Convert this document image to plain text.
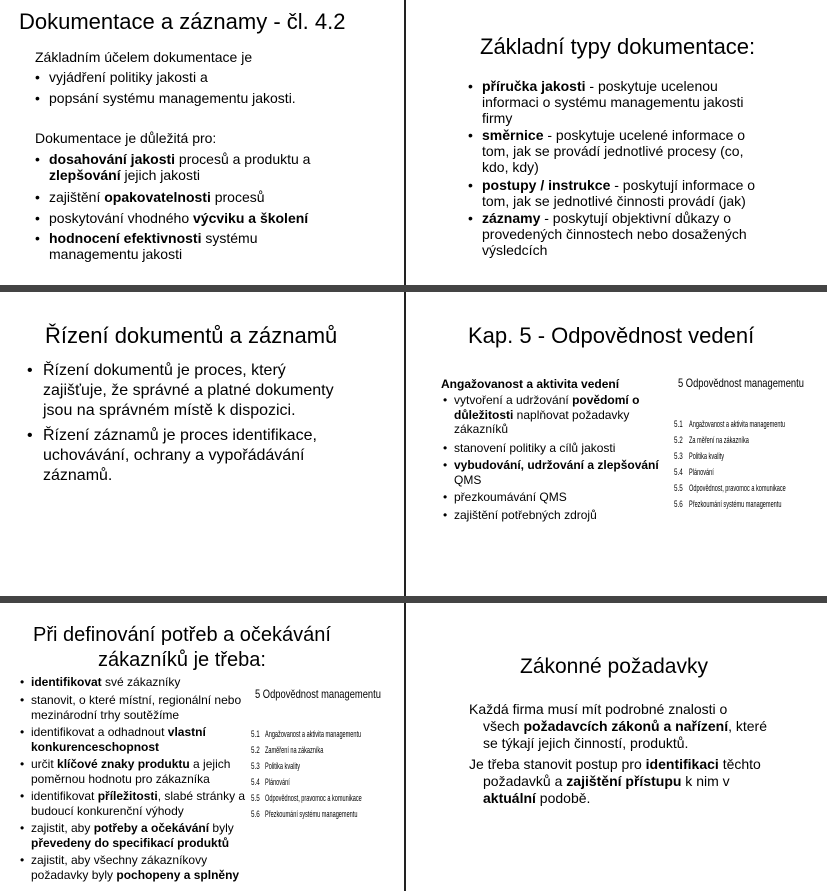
Dokumentace a záznamy - čl. 4.2
Základním účelem dokumentace je
• vyjádření politiky jakosti a
• popsání systému managementu jakosti.
Dokumentace je důležitá pro:
• dosahování jakosti procesů a produktu a
zlepšování jejich jakosti
• zajištění opakovatelnosti procesů
• poskytování vhodného výcviku a školení
• hodnocení efektivnosti systému
managementu jakosti
Základní typy dokumentace:
• příručka jakosti - poskytuje ucelenou
informaci o systému managementu jakosti
firmy
• směrnice - poskytuje ucelené informace o
tom, jak se provádí jednotlivé procesy (co,
kdo, kdy)
• postupy / instrukce - poskytují informace o
tom, jak se jednotlivé činnosti provádí (jak)
• záznamy - poskytují objektivní důkazy o
provedených činnostech nebo dosažených
výsledcích
Řízení dokumentů a záznamů
• Řízení dokumentů je proces, který
zajišťuje, že správné a platné dokumenty
jsou na správném místě k dispozici.
• Řízení záznamů je proces identifikace,
uchovávání, ochrany a vypořádávání
záznamů.
Kap. 5 - Odpovědnost vedení
Angažovanost a aktivita vedení
• vytvoření a udržování povědomí o
důležitosti naplňovat požadavky
zákazníků
• stanovení politiky a cílů jakosti
• vybudování, udržování a zlepšování
QMS
• přezkoumávání QMS
• zajištění potřebných zdrojů
5 Odpovědnost managementu
5.1 Angažovanost a aktivita managementu
5.2 Za měření na zákazníka
5.3 Politika kvality
5.4 Plánování
5.5 Odpovědnost, pravomoc a komunikace
5.6 Přezkoumání systému managementu
Při definování potřeb a očekávání
zákazníků je třeba:
• identifikovat své zákazníky
• stanovit, o které místní, regionální nebo
mezinárodní trhy soutěžíme
• identifikovat a odhadnout vlastní
konkurenceschopnost
• určit klíčové znaky produktu a jejich
poměrnou hodnotu pro zákazníka
• identifikovat příležitosti, slabé stránky a
budoucí konkurenční výhody
• zajistit, aby potřeby a očekávání byly
převedeny do specifikací produktů
• zajistit, aby všechny zákazníkovy
požadavky byly pochopeny a splněny
5 Odpovědnost managementu
5.1 Angažovanost a aktivita managementu
5.2 Zaměření na zákazníka
5.3 Politika kvality
5.4 Plánování
5.5 Odpovědnost, pravomoc a komunikace
5.6 Přezkoumání systému managementu
Zákonné požadavky
Každá firma musí mít podrobné znalosti o
všech požadavcích zákonů a nařízení, které
se týkají jejich činností, produktů.
Je třeba stanovit postup pro identifikaci těchto
požadavků a zajištění přístupu k nim v
aktuální podobě.
